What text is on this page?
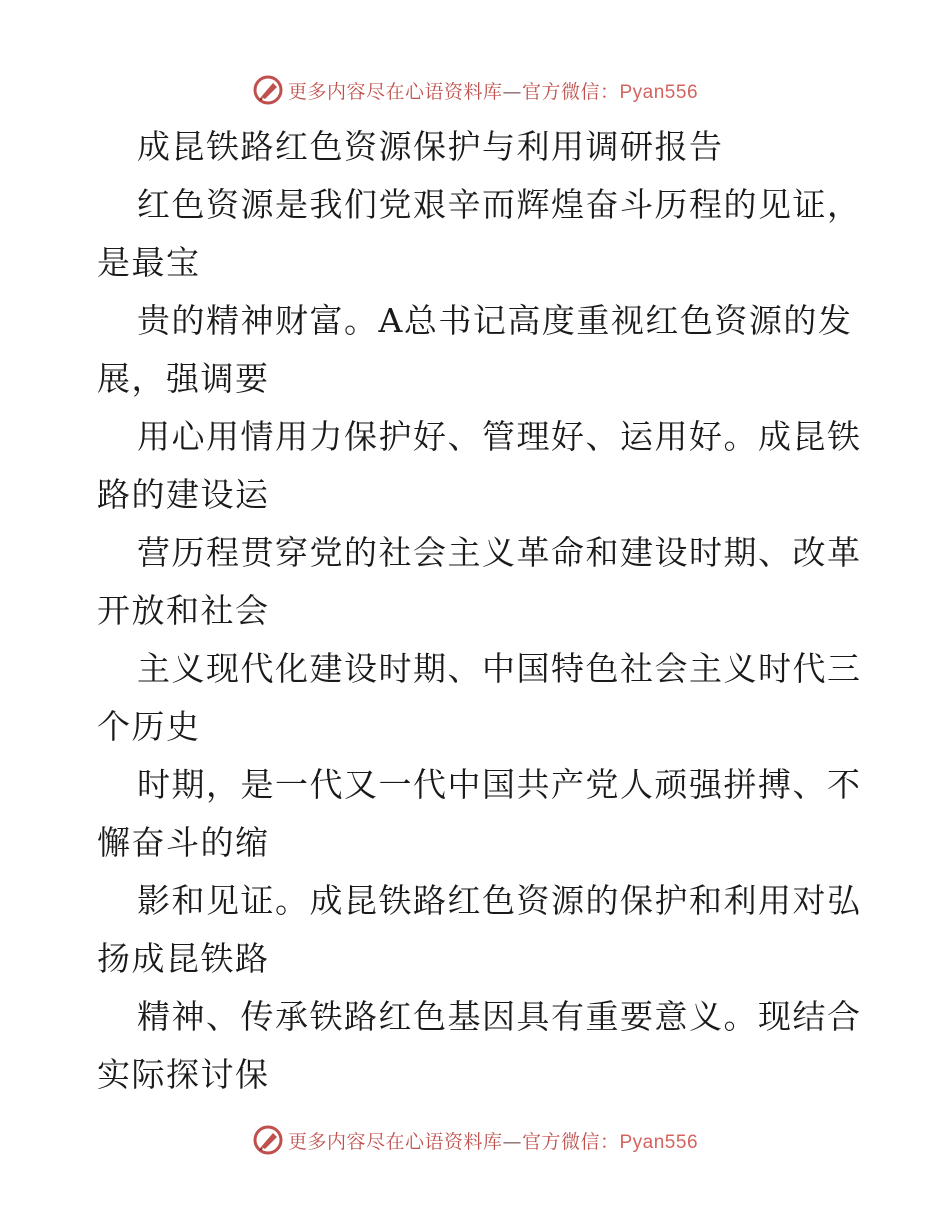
更多内容尽在心语资料库—官方微信：Pyan556
成昆铁路红色资源保护与利用调研报告
红色资源是我们党艰辛而辉煌奋斗历程的见证，
是最宝
贵的精神财富。A总书记高度重视红色资源的发
展，强调要
用心用情用力保护好、管理好、运用好。成昆铁
路的建设运
营历程贯穿党的社会主义革命和建设时期、改革
开放和社会
主义现代化建设时期、中国特色社会主义时代三
个历史
时期，是一代又一代中国共产党人顽强拼搏、不
懈奋斗的缩
影和见证。成昆铁路红色资源的保护和利用对弘
扬成昆铁路
精神、传承铁路红色基因具有重要意义。现结合
实际探讨保
更多内容尽在心语资料库—官方微信：Pyan556
